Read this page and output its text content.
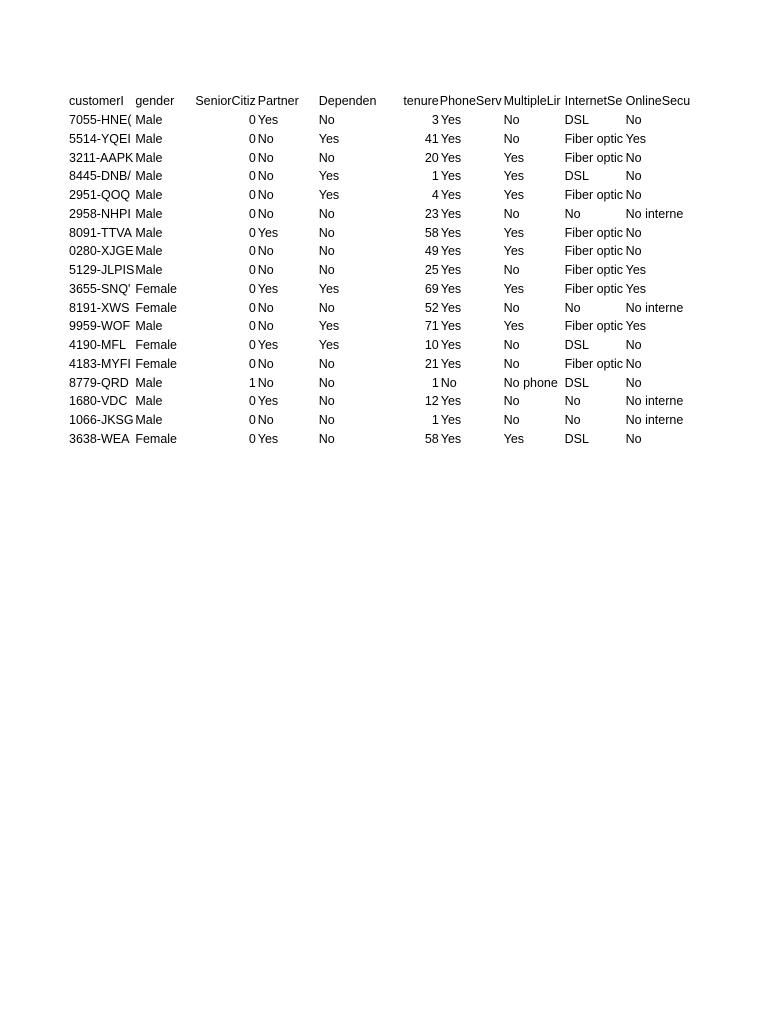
customerI	gender	SeniorCitiz	Partner	Dependen	tenure	PhoneServ	MultipleLir	InternetSe	OnlineSecu
7055-HNE(	Male	0	Yes	No	3	Yes	No	DSL	No
5514-YQEI	Male	0	No	Yes	41	Yes	No	Fiber optic	Yes
3211-AAPK	Male	0	No	No	20	Yes	Yes	Fiber optic	No
8445-DNB/	Male	0	No	Yes	1	Yes	Yes	DSL	No
2951-QOQ	Male	0	No	Yes	4	Yes	Yes	Fiber optic	No
2958-NHPI	Male	0	No	No	23	Yes	No	No	No interne
8091-TTVA	Male	0	Yes	No	58	Yes	Yes	Fiber optic	No
0280-XJGE	Male	0	No	No	49	Yes	Yes	Fiber optic	No
5129-JLPIS	Male	0	No	No	25	Yes	No	Fiber optic	Yes
3655-SNQ'	Female	0	Yes	Yes	69	Yes	Yes	Fiber optic	Yes
8191-XWS	Female	0	No	No	52	Yes	No	No	No interne
9959-WOF	Male	0	No	Yes	71	Yes	Yes	Fiber optic	Yes
4190-MFL	Female	0	Yes	Yes	10	Yes	No	DSL	No
4183-MYFI	Female	0	No	No	21	Yes	No	Fiber optic	No
8779-QRD	Male	1	No	No	1	No	No phone	DSL	No
1680-VDC	Male	0	Yes	No	12	Yes	No	No	No interne
1066-JKSG	Male	0	No	No	1	Yes	No	No	No interne
3638-WEA	Female	0	Yes	No	58	Yes	Yes	DSL	No
